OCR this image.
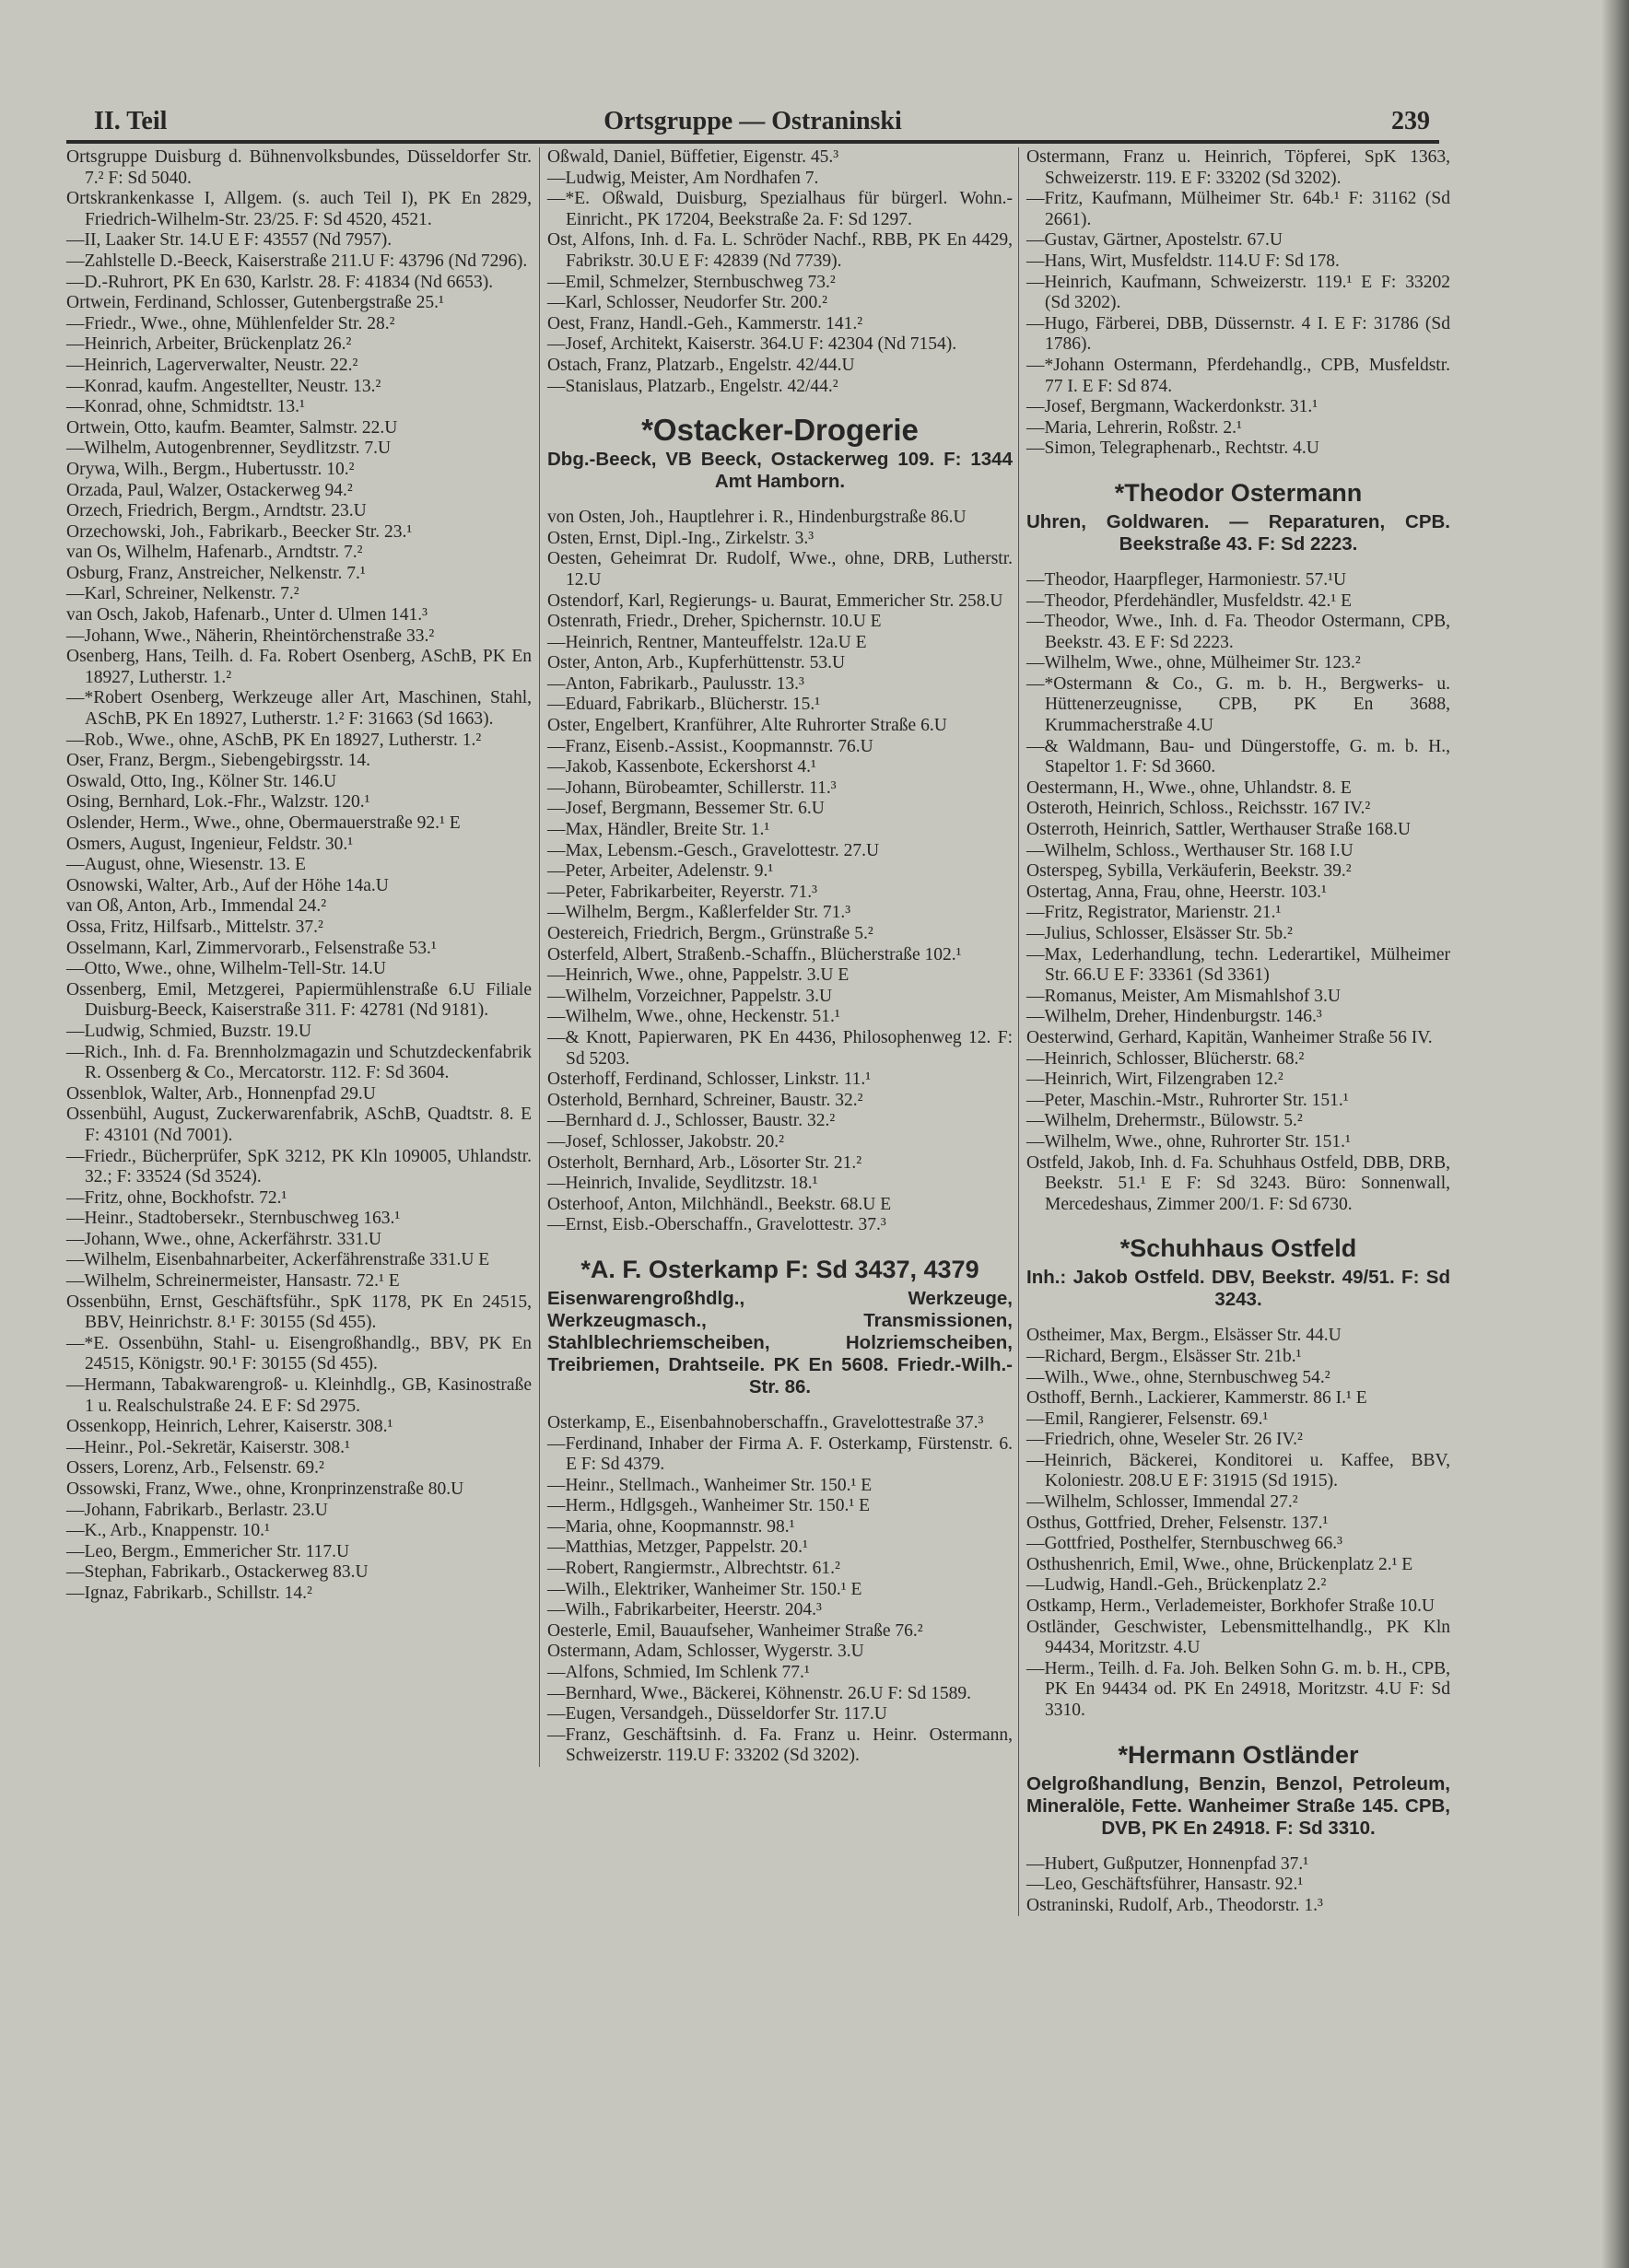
Ortsgruppe — Ostraninski
II. Teil	239

Ortsgruppe Duisburg d. Bühnenvolksbundes, Düsseldorfer Str. 7.² F: Sd 5040.

Ortskrankenkasse I, Allgem. (s. auch Teil I), PK En 2829, Friedrich-Wilhelm-Str. 23/25. F: Sd 4520, 4521.

—II, Laaker Str. 14.U E F: 43557 (Nd 7957).

—Zahlstelle D.-Beeck, Kaiserstraße 211.U F: 43796 (Nd 7296).

—D.-Ruhrort, PK En 630, Karlstr. 28. F: 41834 (Nd 6653).

Ortwein, Ferdinand, Schlosser, Gutenbergstraße 25.¹

—Friedr., Wwe., ohne, Mühlenfelder Str. 28.²

—Heinrich, Arbeiter, Brückenplatz 26.²

—Heinrich, Lagerverwalter, Neustr. 22.²

—Konrad, kaufm. Angestellter, Neustr. 13.²

—Konrad, ohne, Schmidtstr. 13.¹

Ortwein, Otto, kaufm. Beamter, Salmstr. 22.U

—Wilhelm, Autogenbrenner, Seydlitzstr. 7.U

Orywa, Wilh., Bergm., Hubertusstr. 10.²

Orzada, Paul, Walzer, Ostackerweg 94.²

Orzech, Friedrich, Bergm., Arndtstr. 23.U

Orzechowski, Joh., Fabrikarb., Beecker Str. 23.¹

van Os, Wilhelm, Hafenarb., Arndtstr. 7.²

Osburg, Franz, Anstreicher, Nelkenstr. 7.¹

—Karl, Schreiner, Nelkenstr. 7.²

van Osch, Jakob, Hafenarb., Unter d. Ulmen 141.³

—Johann, Wwe., Näherin, Rheintörchenstraße 33.²

Osenberg, Hans, Teilh. d. Fa. Robert Osenberg, ASchB, PK En 18927, Lutherstr. 1.²

—*Robert Osenberg, Werkzeuge aller Art, Maschinen, Stahl, ASchB, PK En 18927, Lutherstr. 1.² F: 31663 (Sd 1663).

—Rob., Wwe., ohne, ASchB, PK En 18927, Lutherstr. 1.²

Oser, Franz, Bergm., Siebengebirgsstr. 14.

Oswald, Otto, Ing., Kölner Str. 146.U

Osing, Bernhard, Lok.-Fhr., Walzstr. 120.¹

Oslender, Herm., Wwe., ohne, Obermauerstraße 92.¹ E

Osmers, August, Ingenieur, Feldstr. 30.¹

—August, ohne, Wiesenstr. 13. E

Osnowski, Walter, Arb., Auf der Höhe 14a.U

van Oß, Anton, Arb., Immendal 24.²

Ossa, Fritz, Hilfsarb., Mittelstr. 37.²

Osselmann, Karl, Zimmervorarb., Felsenstraße 53.¹

—Otto, Wwe., ohne, Wilhelm-Tell-Str. 14.U

Ossenberg, Emil, Metzgerei, Papiermühlenstraße 6.U Filiale Duisburg-Beeck, Kaiserstraße 311. F: 42781 (Nd 9181).

—Ludwig, Schmied, Buzstr. 19.U

—Rich., Inh. d. Fa. Brennholzmagazin und Schutzdeckenfabrik R. Ossenberg & Co., Mercatorstr. 112. F: Sd 3604.

Ossenblok, Walter, Arb., Honnenpfad 29.U

Ossenbühl, August, Zuckerwarenfabrik, ASchB, Quadtstr. 8. E F: 43101 (Nd 7001).

—Friedr., Bücherprüfer, SpK 3212, PK Kln 109005, Uhlandstr. 32.; F: 33524 (Sd 3524).

—Fritz, ohne, Bockhofstr. 72.¹

—Heinr., Stadtobersekr., Sternbuschweg 163.¹

—Johann, Wwe., ohne, Ackerfährstr. 331.U

—Wilhelm, Eisenbahnarbeiter, Ackerfährenstraße 331.U E

—Wilhelm, Schreinermeister, Hansastr. 72.¹ E

Ossenbühn, Ernst, Geschäftsführ., SpK 1178, PK En 24515, BBV, Heinrichstr. 8.¹ F: 30155 (Sd 455).

—*E. Ossenbühn, Stahl- u. Eisengroßhandlg., BBV, PK En 24515, Königstr. 90.¹ F: 30155 (Sd 455).

—Hermann, Tabakwarengroß- u. Kleinhdlg., GB, Kasinostraße 1 u. Realschulstraße 24. E F: Sd 2975.

Ossenkopp, Heinrich, Lehrer, Kaiserstr. 308.¹

—Heinr., Pol.-Sekretär, Kaiserstr. 308.¹

Ossers, Lorenz, Arb., Felsenstr. 69.²

Ossowski, Franz, Wwe., ohne, Kronprinzenstraße 80.U

—Johann, Fabrikarb., Berlastr. 23.U

—K., Arb., Knappenstr. 10.¹

—Leo, Bergm., Emmericher Str. 117.U

—Stephan, Fabrikarb., Ostackerweg 83.U

—Ignaz, Fabrikarb., Schillstr. 14.²

Oßwald, Daniel, Büffetier, Eigenstr. 45.³

—Ludwig, Meister, Am Nordhafen 7.

—*E. Oßwald, Duisburg, Spezialhaus für bürgerl. Wohn.-Einricht., PK 17204, Beekstraße 2a. F: Sd 1297.

Ost, Alfons, Inh. d. Fa. L. Schröder Nachf., RBB, PK En 4429, Fabrikstr. 30.U E F: 42839 (Nd 7739).

—Emil, Schmelzer, Sternbuschweg 73.²

—Karl, Schlosser, Neudorfer Str. 200.²

Oest, Franz, Handl.-Geh., Kammerstr. 141.²

—Josef, Architekt, Kaiserstr. 364.U F: 42304 (Nd 7154).

Ostach, Franz, Platzarb., Engelstr. 42/44.U

—Stanislaus, Platzarb., Engelstr. 42/44.²

*Ostacker-Drogerie
Dbg.-Beeck, VB Beeck, Ostackerweg 109. F: 1344 Amt Hamborn.

von Osten, Joh., Hauptlehrer i. R., Hindenburgstraße 86.U

Osten, Ernst, Dipl.-Ing., Zirkelstr. 3.³

Oesten, Geheimrat Dr. Rudolf, Wwe., ohne, DRB, Lutherstr. 12.U

Ostendorf, Karl, Regierungs- u. Baurat, Emmericher Str. 258.U

Ostenrath, Friedr., Dreher, Spichernstr. 10.U E

—Heinrich, Rentner, Manteuffelstr. 12a.U E

Oster, Anton, Arb., Kupferhüttenstr. 53.U

—Anton, Fabrikarb., Paulusstr. 13.³

—Eduard, Fabrikarb., Blücherstr. 15.¹

Oster, Engelbert, Kranführer, Alte Ruhrorter Straße 6.U

—Franz, Eisenb.-Assist., Koopmannstr. 76.U

—Jakob, Kassenbote, Eckershorst 4.¹

—Johann, Bürobeamter, Schillerstr. 11.³

—Josef, Bergmann, Bessemer Str. 6.U

—Max, Händler, Breite Str. 1.¹

—Max, Lebensm.-Gesch., Gravelottestr. 27.U

—Peter, Arbeiter, Adelenstr. 9.¹

—Peter, Fabrikarbeiter, Reyerstr. 71.³

—Wilhelm, Bergm., Kaßlerfelder Str. 71.³

Oestereich, Friedrich, Bergm., Grünstraße 5.²

Osterfeld, Albert, Straßenb.-Schaffn., Blücherstraße 102.¹

—Heinrich, Wwe., ohne, Pappelstr. 3.U E

—Wilhelm, Vorzeichner, Pappelstr. 3.U

—Wilhelm, Wwe., ohne, Heckenstr. 51.¹

—& Knott, Papierwaren, PK En 4436, Philosophenweg 12. F: Sd 5203.

Osterhoff, Ferdinand, Schlosser, Linkstr. 11.¹

Osterhold, Bernhard, Schreiner, Baustr. 32.²

—Bernhard d. J., Schlosser, Baustr. 32.²

—Josef, Schlosser, Jakobstr. 20.²

Osterholt, Bernhard, Arb., Lösorter Str. 21.²

—Heinrich, Invalide, Seydlitzstr. 18.¹

Osterhoof, Anton, Milchhändl., Beekstr. 68.U E

—Ernst, Eisb.-Oberschaffn., Gravelottestr. 37.³

*A. F. Osterkamp F: Sd 3437, 4379
Eisenwarengroßhdlg., Werkzeuge, Werkzeugmasch., Transmissionen, Stahlblechriemscheiben, Holzriemscheiben, Treibriemen, Drahtseile. PK En 5608. Friedr.-Wilh.-Str. 86.

Osterkamp, E., Eisenbahnoberschaffn., Gravelottestraße 37.³

—Ferdinand, Inhaber der Firma A. F. Osterkamp, Fürstenstr. 6. E F: Sd 4379.

—Heinr., Stellmach., Wanheimer Str. 150.¹ E

—Herm., Hdlgsgeh., Wanheimer Str. 150.¹ E

—Maria, ohne, Koopmannstr. 98.¹

—Matthias, Metzger, Pappelstr. 20.¹

—Robert, Rangiermstr., Albrechtstr. 61.²

—Wilh., Elektriker, Wanheimer Str. 150.¹ E

—Wilh., Fabrikarbeiter, Heerstr. 204.³

Oesterle, Emil, Bauaufseher, Wanheimer Straße 76.²

Ostermann, Adam, Schlosser, Wygerstr. 3.U

—Alfons, Schmied, Im Schlenk 77.¹

—Bernhard, Wwe., Bäckerei, Köhnenstr. 26.U F: Sd 1589.

—Eugen, Versandgeh., Düsseldorfer Str. 117.U

—Franz, Geschäftsinh. d. Fa. Franz u. Heinr. Ostermann, Schweizerstr. 119.U F: 33202 (Sd 3202).

Ostermann, Franz u. Heinrich, Töpferei, SpK 1363, Schweizerstr. 119. E F: 33202 (Sd 3202).

—Fritz, Kaufmann, Mülheimer Str. 64b.¹ F: 31162 (Sd 2661).

—Gustav, Gärtner, Apostelstr. 67.U

—Hans, Wirt, Musfeldstr. 114.U F: Sd 178.

—Heinrich, Kaufmann, Schweizerstr. 119.¹ E F: 33202 (Sd 3202).

—Hugo, Färberei, DBB, Düssernstr. 4 I. E F: 31786 (Sd 1786).

—*Johann Ostermann, Pferdehandlg., CPB, Musfeldstr. 77 I. E F: Sd 874.

—Josef, Bergmann, Wackerdonkstr. 31.¹

—Maria, Lehrerin, Roßstr. 2.¹

—Simon, Telegraphenarb., Rechtstr. 4.U

*Theodor Ostermann
Uhren, Goldwaren. — Reparaturen, CPB. Beekstraße 43. F: Sd 2223.

—Theodor, Haarpfleger, Harmoniestr. 57.¹U

—Theodor, Pferdehändler, Musfeldstr. 42.¹ E

—Theodor, Wwe., Inh. d. Fa. Theodor Ostermann, CPB, Beekstr. 43. E F: Sd 2223.

—Wilhelm, Wwe., ohne, Mülheimer Str. 123.²

—*Ostermann & Co., G. m. b. H., Bergwerks- u. Hüttenerzeugnisse, CPB, PK En 3688, Krummacherstraße 4.U

—& Waldmann, Bau- und Düngerstoffe, G. m. b. H., Stapeltor 1. F: Sd 3660.

Oestermann, H., Wwe., ohne, Uhlandstr. 8. E

Osteroth, Heinrich, Schloss., Reichsstr. 167 IV.²

Osterroth, Heinrich, Sattler, Werthauser Straße 168.U

—Wilhelm, Schloss., Werthauser Str. 168 I.U

Osterspeg, Sybilla, Verkäuferin, Beekstr. 39.²

Ostertag, Anna, Frau, ohne, Heerstr. 103.¹

—Fritz, Registrator, Marienstr. 21.¹

—Julius, Schlosser, Elsässer Str. 5b.²

—Max, Lederhandlung, techn. Lederartikel, Mülheimer Str. 66.U E F: 33361 (Sd 3361)

—Romanus, Meister, Am Mismahlshof 3.U

—Wilhelm, Dreher, Hindenburgstr. 146.³

Oesterwind, Gerhard, Kapitän, Wanheimer Straße 56 IV.

—Heinrich, Schlosser, Blücherstr. 68.²

—Heinrich, Wirt, Filzengraben 12.²

—Peter, Maschin.-Mstr., Ruhrorter Str. 151.¹

—Wilhelm, Drehermstr., Bülowstr. 5.²

—Wilhelm, Wwe., ohne, Ruhrorter Str. 151.¹

Ostfeld, Jakob, Inh. d. Fa. Schuhhaus Ostfeld, DBB, DRB, Beekstr. 51.¹ E F: Sd 3243. Büro: Sonnenwall, Mercedeshaus, Zimmer 200/1. F: Sd 6730.

*Schuhhaus Ostfeld
Inh.: Jakob Ostfeld. DBV, Beekstr. 49/51. F: Sd 3243.

Ostheimer, Max, Bergm., Elsässer Str. 44.U

—Richard, Bergm., Elsässer Str. 21b.¹

—Wilh., Wwe., ohne, Sternbuschweg 54.²

Osthoff, Bernh., Lackierer, Kammerstr. 86 I.¹ E

—Emil, Rangierer, Felsenstr. 69.¹

—Friedrich, ohne, Weseler Str. 26 IV.²

—Heinrich, Bäckerei, Konditorei u. Kaffee, BBV, Koloniestr. 208.U E F: 31915 (Sd 1915).

—Wilhelm, Schlosser, Immendal 27.²

Osthus, Gottfried, Dreher, Felsenstr. 137.¹

—Gottfried, Posthelfer, Sternbuschweg 66.³

Osthushenrich, Emil, Wwe., ohne, Brückenplatz 2.¹ E

—Ludwig, Handl.-Geh., Brückenplatz 2.²

Ostkamp, Herm., Verlademeister, Borkhofer Straße 10.U

Ostländer, Geschwister, Lebensmittelhandlg., PK Kln 94434, Moritzstr. 4.U

—Herm., Teilh. d. Fa. Joh. Belken Sohn G. m. b. H., CPB, PK En 94434 od. PK En 24918, Moritzstr. 4.U F: Sd 3310.

*Hermann Ostländer
Oelgroßhandlung, Benzin, Benzol, Petroleum, Mineralöle, Fette. Wanheimer Straße 145. CPB, DVB, PK En 24918. F: Sd 3310.

—Hubert, Gußputzer, Honnenpfad 37.¹

—Leo, Geschäftsführer, Hansastr. 92.¹

Ostraninski, Rudolf, Arb., Theodorstr. 1.³
